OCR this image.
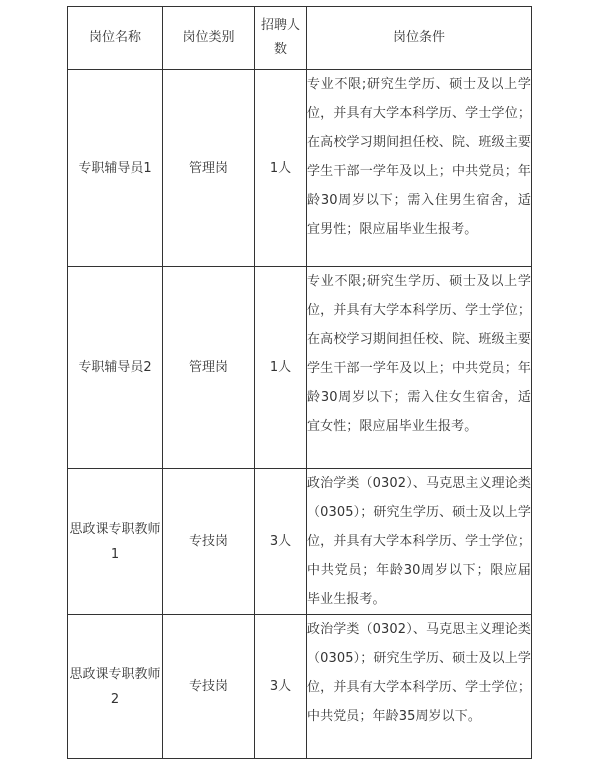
岗位名称	岗位类别	招聘人数	岗位条件
专职辅导员1	管理岗	1人	专业不限;研究生学历、硕士及以上学位，并具有大学本科学历、学士学位；在高校学习期间担任校、院、班级主要学生干部一学年及以上；中共党员；年龄30周岁以下；需入住男生宿舍，适宜男性；限应届毕业生报考。
专职辅导员2	管理岗	1人	专业不限;研究生学历、硕士及以上学位，并具有大学本科学历、学士学位；在高校学习期间担任校、院、班级主要学生干部一学年及以上；中共党员；年龄30周岁以下；需入住女生宿舍，适宜女性；限应届毕业生报考。
思政课专职教师1	专技岗	3人	政治学类（0302）、马克思主义理论类（0305）；研究生学历、硕士及以上学位，并具有大学本科学历、学士学位；中共党员；年龄30周岁以下；限应届毕业生报考。
思政课专职教师2	专技岗	3人	政治学类（0302）、马克思主义理论类（0305）；研究生学历、硕士及以上学位，并具有大学本科学历、学士学位；中共党员；年龄35周岁以下。
